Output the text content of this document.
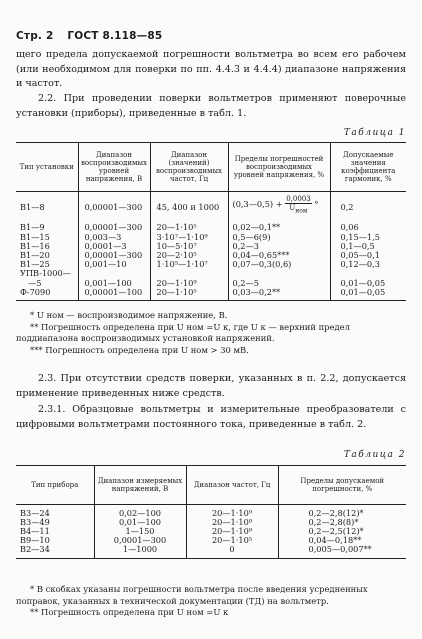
Стр. 2 ГОСТ 8.118—85

щего предела допускаемой погрешности вольтметра во всем его рабочем (или необходимом для поверки по пп. 4.4.3 и 4.4.4) диапазоне напряжения и частот.

2.2. При проведении поверки вольтметров применяют поверочные установки (приборы), приведенные в табл. 1.

Таблица 1
Тип установки	Диапазон воспроизводимых уровней напряжения, В	Диапазон (значений) воспроизводимых частот, Гц	Пределы погрешностей воспроизводимых уровней напряжения, %	Допускаемые значения коэффициента гармоник, %
В1—8	0,00001—300	45, 400 и 1000	(0,3—0,5) + $\frac{0,0003}{U_{ном}}$ °	0,2

В1—9	0,00001—300	20—1·10⁵	0,02—0,1**	0,06
В1—15	0,003—3	3·10⁷—1·10⁹	0,5—6(9)	0,15—1,5
В1—16	0,0001—3	10—5·10⁷	0,2—3	0,1—0,5
В1—20	0,00001—300	20—2·10⁵	0,04—0,65***	0,05—0,1
В1—25	0,001—10	1·10⁵—1·10⁷	0,07—0,3(0,6)	0,12—0,3
УПВ-1000—				
—5	0,001—100	20—1·10⁹	0,2—5	0,01—0,05
Ф-7090	0,00001—100	20—1·10⁵	0,03—0,2**	0,01—0,05

* U ном — воспроизводимое напряжение, В.

** Погрешность определена при U ном =U к, где U к — верхний предел поддиапазона воспроизводимых установкой напряжений.

*** Погрешность определена при U ном > 30 мВ.

2.3. При отсутствии средств поверки, указанных в п. 2.2, допускается применение приведенных ниже средств.

2.3.1. Образцовые вольтметры и измерительные преобразователи с цифровыми вольтметрами постоянного тока, приведенные в табл. 2.

Таблица 2
Тип прибора	Диапазон измеряемых напряжений, В	Диапазон частот, Гц	Пределы допускаемой погрешности, %

В3—24	0,02—100	20—1·10⁹	0,2—2,8(12)*
В3—49	0,01—100	20—1·10⁹	0,2—2,8(8)*
В4—11	1—150	20—1·10⁹	0,2—2,5(12)*
В9—10	0,0001—300	20—1·10⁵	0,04—0,18**
В2—34	1—1000	0	0,005—0,007**

* В скобках указаны погрешности вольтметра после введения усредненных поправок, указанных в технической документации (ТД) на вольтметр.

** Погрешность определена при U ном =U к
